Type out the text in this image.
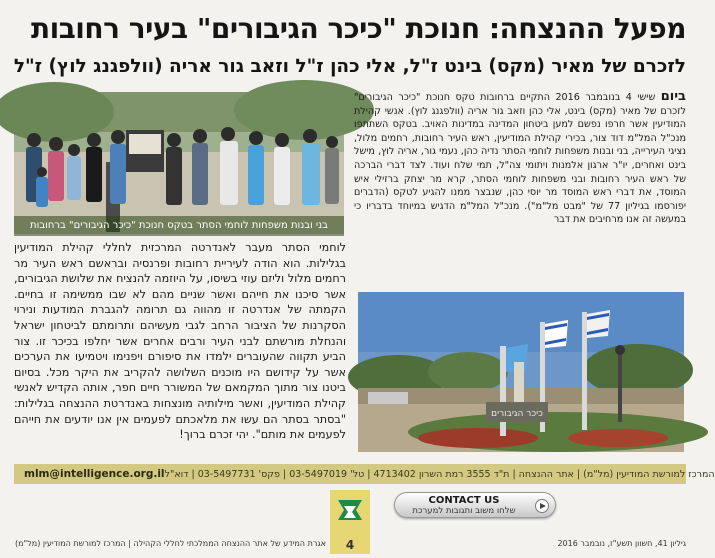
מפעל ההנצחה: חנוכת "כיכר הגיבורים" בעיר רחובות
לזכרם של מאיר (מקס) בינט ז"ל, אלי כהן ז"ל וזאב גור אריה (וולפגנג לוץ) ז"ל
בני ובנות משפחות לוחמי הסתר בטקס חנוכת "כיכר הגיבורים" ברחובות
ביום שישי 4 בנובמבר 2016 התקיים ברחובות טקס חנוכת "כיכר הגיבורים" לזכרם של מאיר (מקס) בינט, אלי כהן וזאב גור אריה (וולפגנג לוץ). אנשי קהילת המודיעין אשר חרפו נפשם למען ביטחון המדינה במדינות האויב. בטקס השתתפו מנכ"ל המל"מ דוד צור, בכירי קהילת המודיעין, ראש העיר רחובות, רחמים מלול, נציגי העירייה, בני ובנות משפחות לוחמי הסתר נדיה כהן, נעמי גור, אריה לוץ, מישל בינט ואחרים, יו"ר ארגון אלמנות ויתומי צה"ל, תמי שלח ועוד. לצד דברי הברכה של ראש העיר רחובות ובני משפחות לוחמי הסתר, קרא מר יצחק ברזילי איש המוסד, את דברי ראש המוסד מר יוסי כהן, שנבצר ממנו להגיע לטקס (הדברים יפורסמו בגיליון 77 של "מבט מל"מ"). מנכ"ל המל"מ הדגיש במיוחד בדבריו כי במעשה זה אנו מרחיבים את דבר
לוחמי הסתר מעבר לאנדרטה המרכזית לחללי קהילת המודיעין בגלילות. הוא הודה לעיריית רחובות ופרנסיה ובראשם ראש העיר מר רחמים מלול וליזם עוזי בשיסו, על היוזמה להנציח את שלושת הגיבורים, אשר סיכנו את חייהם ואשר שניים מהם לא שבו ממשימה זו בחיים. הקמתה של אנדרטה זו מהווה גם תרומה להגברת המודעות ונירוי הסקרנות של הציבור הרחב לגבי מעשיהם ותרומתם לביטחון ישראל והנחלת מורשתם לבני העיר ורבים אחרים אשר יחלפו בכיכר זו. צור הביע תקווה שהעוברים ילמדו את סיפורם ויפנימו ויטמיעו את הערכים אשר על קידושם היו מוכנים השלושה להקריב את היקר מכל. בסיום ביטנו צור מתוך המקמאם של המשורר חיים חפר, אותה הקדיש לאנשי קהילת המודיעין, ואשר מילותיה מונצחות באנדרטת ההנצחה בגלילות: "בסתר בסתר הם עשו את מלאכתם לפעמים אין אנו יודעים את חייהם לפעמים את מותם". יהי זכרם ברוך!
כיכר הגיבורים
mlm@intelligence.org.il המרכז למורשת המודיעין (מל"מ) | אתר ההנצחה | ת"ד 3555 רמת השרון 4713402 | טל' 03-5497019 | פקס' 03-5497731 | דוא"ל
4
CONTACT US
שלחו משוב ותגובות למערכת
אגרת המידע של אתר ההנצחה הממלכתי לחללי הקהילה | המרכז למורשת המודיעין (מל"מ)	גיליון 41, חשוון תשע"ז, נובמבר 2016
